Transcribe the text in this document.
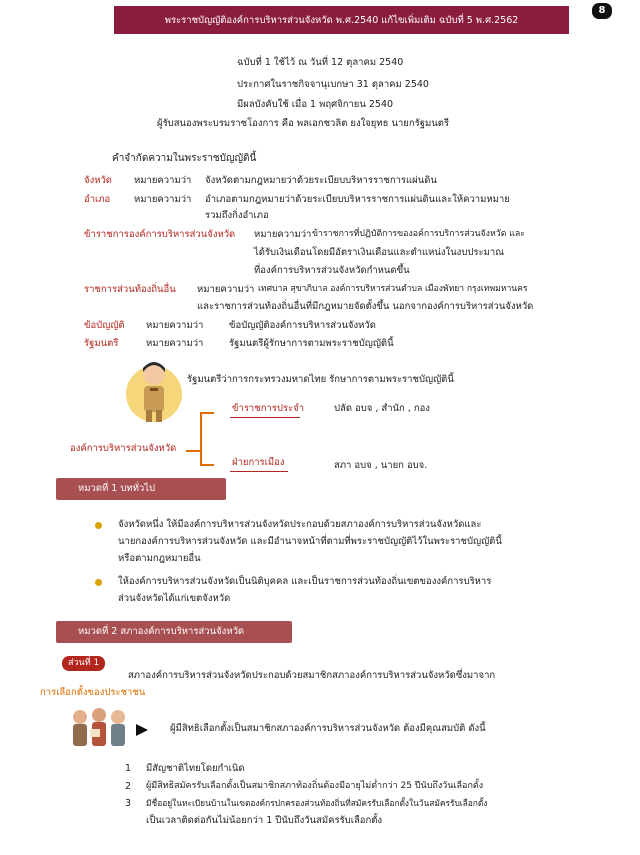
พระราชบัญญัติองค์การบริหารส่วนจังหวัด พ.ศ.2540 แก้ไขเพิ่มเติม ฉบับที่ 5 พ.ศ.2562
8
ฉบับที่ 1 ใช้ไว้ ณ วันที่ 12 ตุลาคม 2540
ประกาศในราชกิจจานุเบกษา 31 ตุลาคม 2540
มีผลบังคับใช้ เมื่อ 1 พฤศจิกายน 2540
ผู้รับสนองพระบรมราชโองการ คือ พลเอกชวลิต ยงใจยุทธ นายกรัฐมนตรี
คำจำกัดความในพระราชบัญญัตินี้
จังหวัด หมายความว่า จังหวัดตามกฎหมายว่าด้วยระเบียบบริหารราชการแผ่นดิน
อำเภอ หมายความว่า อำเภอตามกฎหมายว่าด้วยระเบียบบริหารราชการแผ่นดินและให้ความหมาย
รวมถึงกิ่งอำเภอ
ข้าราชการองค์การบริหารส่วนจังหวัด หมายความว่า ข้าราชการที่ปฏิบัติการของอค์การบริการส่วนจังหวัด และ
ได้รับเงินเดือนโดยมีอัตราเงินเดือนและตำแหน่งในงบประมาณ
ที่องค์การบริหารส่วนจังหวัดกำหนดขึ้น
ราชการส่วนท้องถิ่นอื่น หมายความว่า เทศบาล สุขาภิบาล องค์การบริหารส่วนตำบล เมืองพัทยา กรุงเทพมหานคร
และราชการส่วนท้องถิ่นอื่นที่มีกฎหมายจัดตั้งขึ้น นอกจากองค์การบริหารส่วนจังหวัด
ข้อบัญญัติ หมายความว่า	ข้อบัญญัติองค์การบริหารส่วนจังหวัด
รัฐมนตรี	หมายความว่า	รัฐมนตรีผู้รักษาการตามพระราชบัญญัตินี้
รัฐมนตรีว่าการกระทรวงมหาดไทย รักษาการตามพระราชบัญญัตินี้
องค์การบริหารส่วนจังหวัด
ข้าราชการประจำ	ปลัด อบจ , สำนัก , กอง
ฝ่ายการเมือง	สภา อบจ , นายก อบจ.
หมวดที่ 1 บททั่วไป
จังหวัดหนึ่ง ให้มีองค์การบริหารส่วนจังหวัดประกอบด้วยสภาองค์การบริหารส่วนจังหวัดและ
นายกองค์การบริหารส่วนจังหวัด และมีอำนาจหน้าที่ตามที่พระราชบัญญัติไว้ในพระราชบัญญัตินี้
หรือตามกฎหมายอื่น
ให้องค์การบริหารส่วนจังหวัดเป็นนิติบุคคล และเป็นราชการส่วนท้องถิ่นเขตของงค์การบริหาร
ส่วนจังหวัดได้แก่เขตจังหวัด
หมวดที่ 2 สภาองค์การบริหารส่วนจังหวัด
ส่วนที่ 1
สภาองค์การบริหารส่วนจังหวัดประกอบด้วยสมาชิกสภาองค์การบริหารส่วนจังหวัดซึ่งมาจาก
การเลือกตั้งของประชาชน
ผู้มีสิทธิเลือกตั้งเป็นสมาชิกสภาองค์การบริหารส่วนจังหวัด ต้องมีคุณสมบัติ ดังนี้
1 มีสัญชาติไทยโดยกำเนิด
2 ผู้มีสิทธิสมัครรับเลือกตั้งเป็นสมาชิกสภาท้องถิ่นต้องมีอายุไม่ต่ำกว่า 25 ปีนับถึงวันเลือกตั้ง
3 มีชื่ออยู่ในทะเบียนบ้านในเขตองค์กรปกครองส่วนท้องถิ่นที่สมัครรับเลือกตั้งในวันสมัครรับเลือกตั้ง
เป็นเวลาติดต่อกันไม่น้อยกว่า 1 ปีนับถึงวันสมัครรับเลือกตั้ง
